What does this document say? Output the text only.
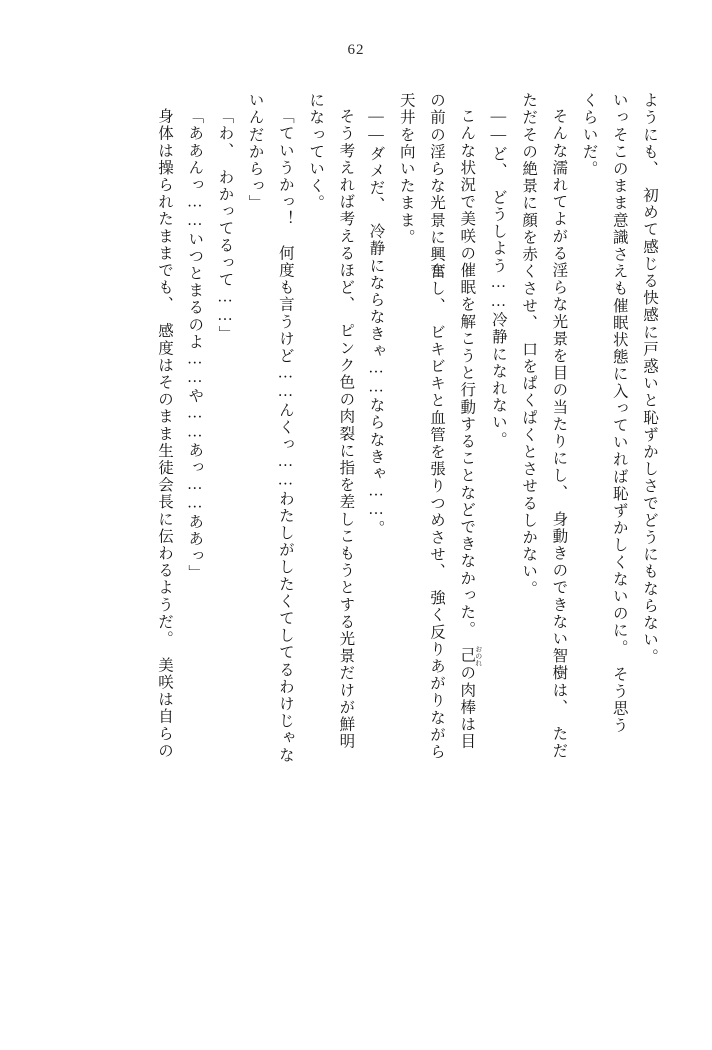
62

ようにも、　初めて感じる快感に戸惑いと恥ずかしさでどうにもならない。

いっそこのまま意識さえも催眠状態に入っていれば恥ずかしくないのに。　そう思う

くらいだ。

そんな濡れてよがる淫らな光景を目の当たりにし、　身動きのできない智樹は、　ただ

ただその絶景に顔を赤くさせ、　口をぱくぱくとさせるしかない。

――ど、　どうしよう……冷静になれない。

こんな状況で美咲の催眠を解こうと行動することなどできなかった。　己 おのれの肉棒は目

の前の淫らな光景に興奮し、　ビキビキと血管を張りつめさせ、　強く反りあがりながら

天井を向いたまま。

――ダメだ、　冷静にならなきゃ……ならなきゃ……。

そう考えれば考えるほど、　ピンク色の肉裂に指を差しこもうとする光景だけが鮮明

になっていく。

「ていうかっ！　何度も言うけど……んくっ……わたしがしたくてしてるわけじゃな

いんだからっ」

「わ、　わかってるって……」

「ああんっ……いつとまるのよ……や……あっ……ああっ」

身体は操られたままでも、　感度はそのまま生徒会長に伝わるようだ。　美咲は自らの
